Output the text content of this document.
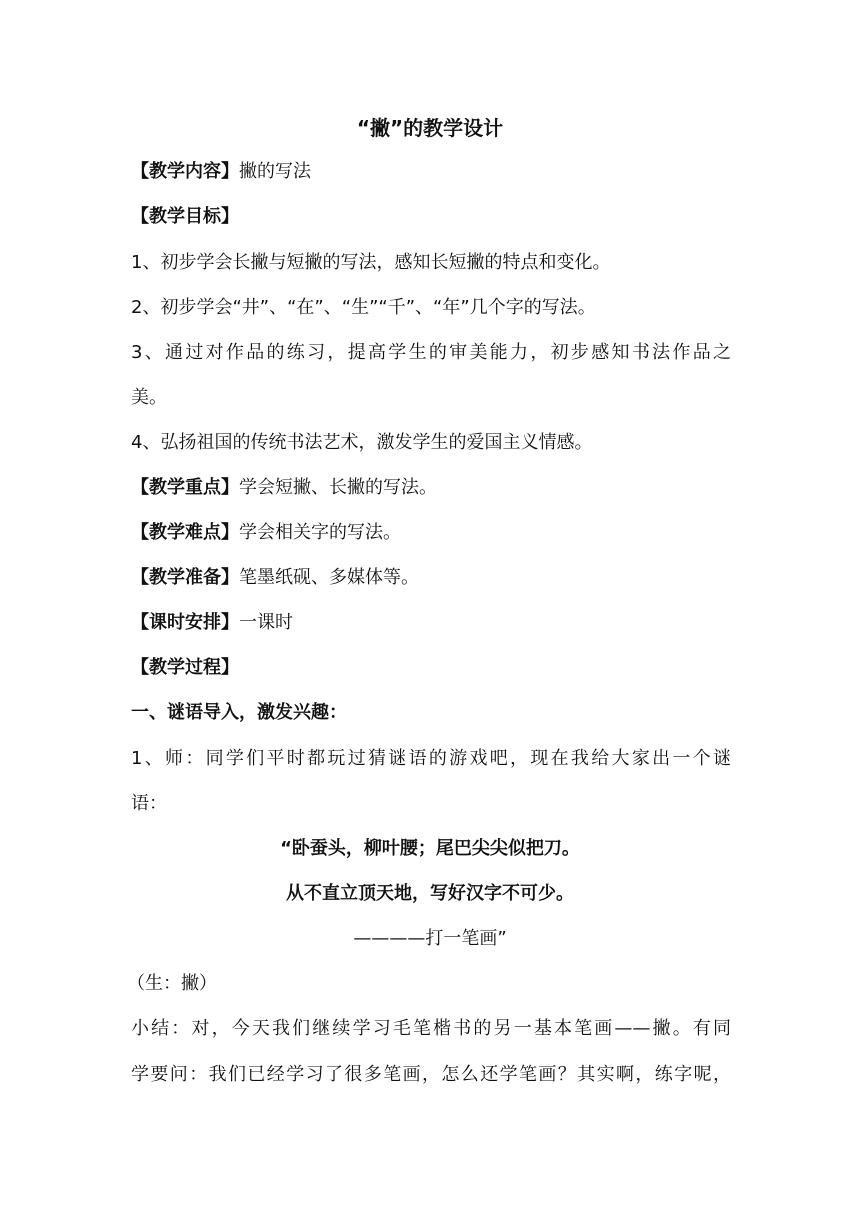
“撇”的教学设计
【教学内容】撇的写法
【教学目标】
1、初步学会长撇与短撇的写法，感知长短撇的特点和变化。
2、初步学会“井”、“在”、“生”“千”、“年”几个字的写法。
3、通过对作品的练习，提高学生的审美能力，初步感知书法作品之
美。
4、弘扬祖国的传统书法艺术，激发学生的爱国主义情感。
【教学重点】学会短撇、长撇的写法。
【教学难点】学会相关字的写法。
【教学准备】笔墨纸砚、多媒体等。
【课时安排】一课时
【教学过程】
一、谜语导入，激发兴趣：
1、师：同学们平时都玩过猜谜语的游戏吧，现在我给大家出一个谜
语：
“卧蚕头，柳叶腰；尾巴尖尖似把刀。
从不直立顶天地，写好汉字不可少。
————打一笔画”
（生：撇）
小结：对，今天我们继续学习毛笔楷书的另一基本笔画——撇。有同
学要问：我们已经学习了很多笔画，怎么还学笔画？其实啊，练字呢，
